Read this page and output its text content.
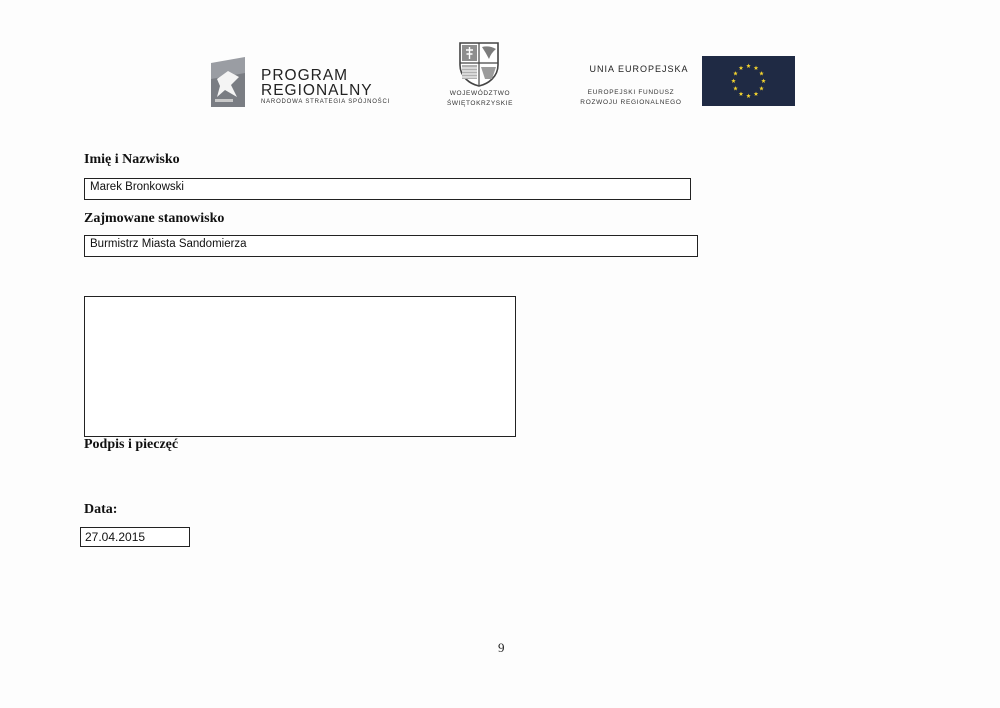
PROGRAM
REGIONALNY
NARODOWA STRATEGIA SPÓJNOŚCI
WOJEWÓDZTWO
ŚWIĘTOKRZYSKIE
UNIA EUROPEJSKA
EUROPEJSKI FUNDUSZ
ROZWOJU REGIONALNEGO
Imię i Nazwisko
Marek Bronkowski
Zajmowane stanowisko
Burmistrz Miasta Sandomierza
Podpis i pieczęć
Data:
27.04.2015
9
